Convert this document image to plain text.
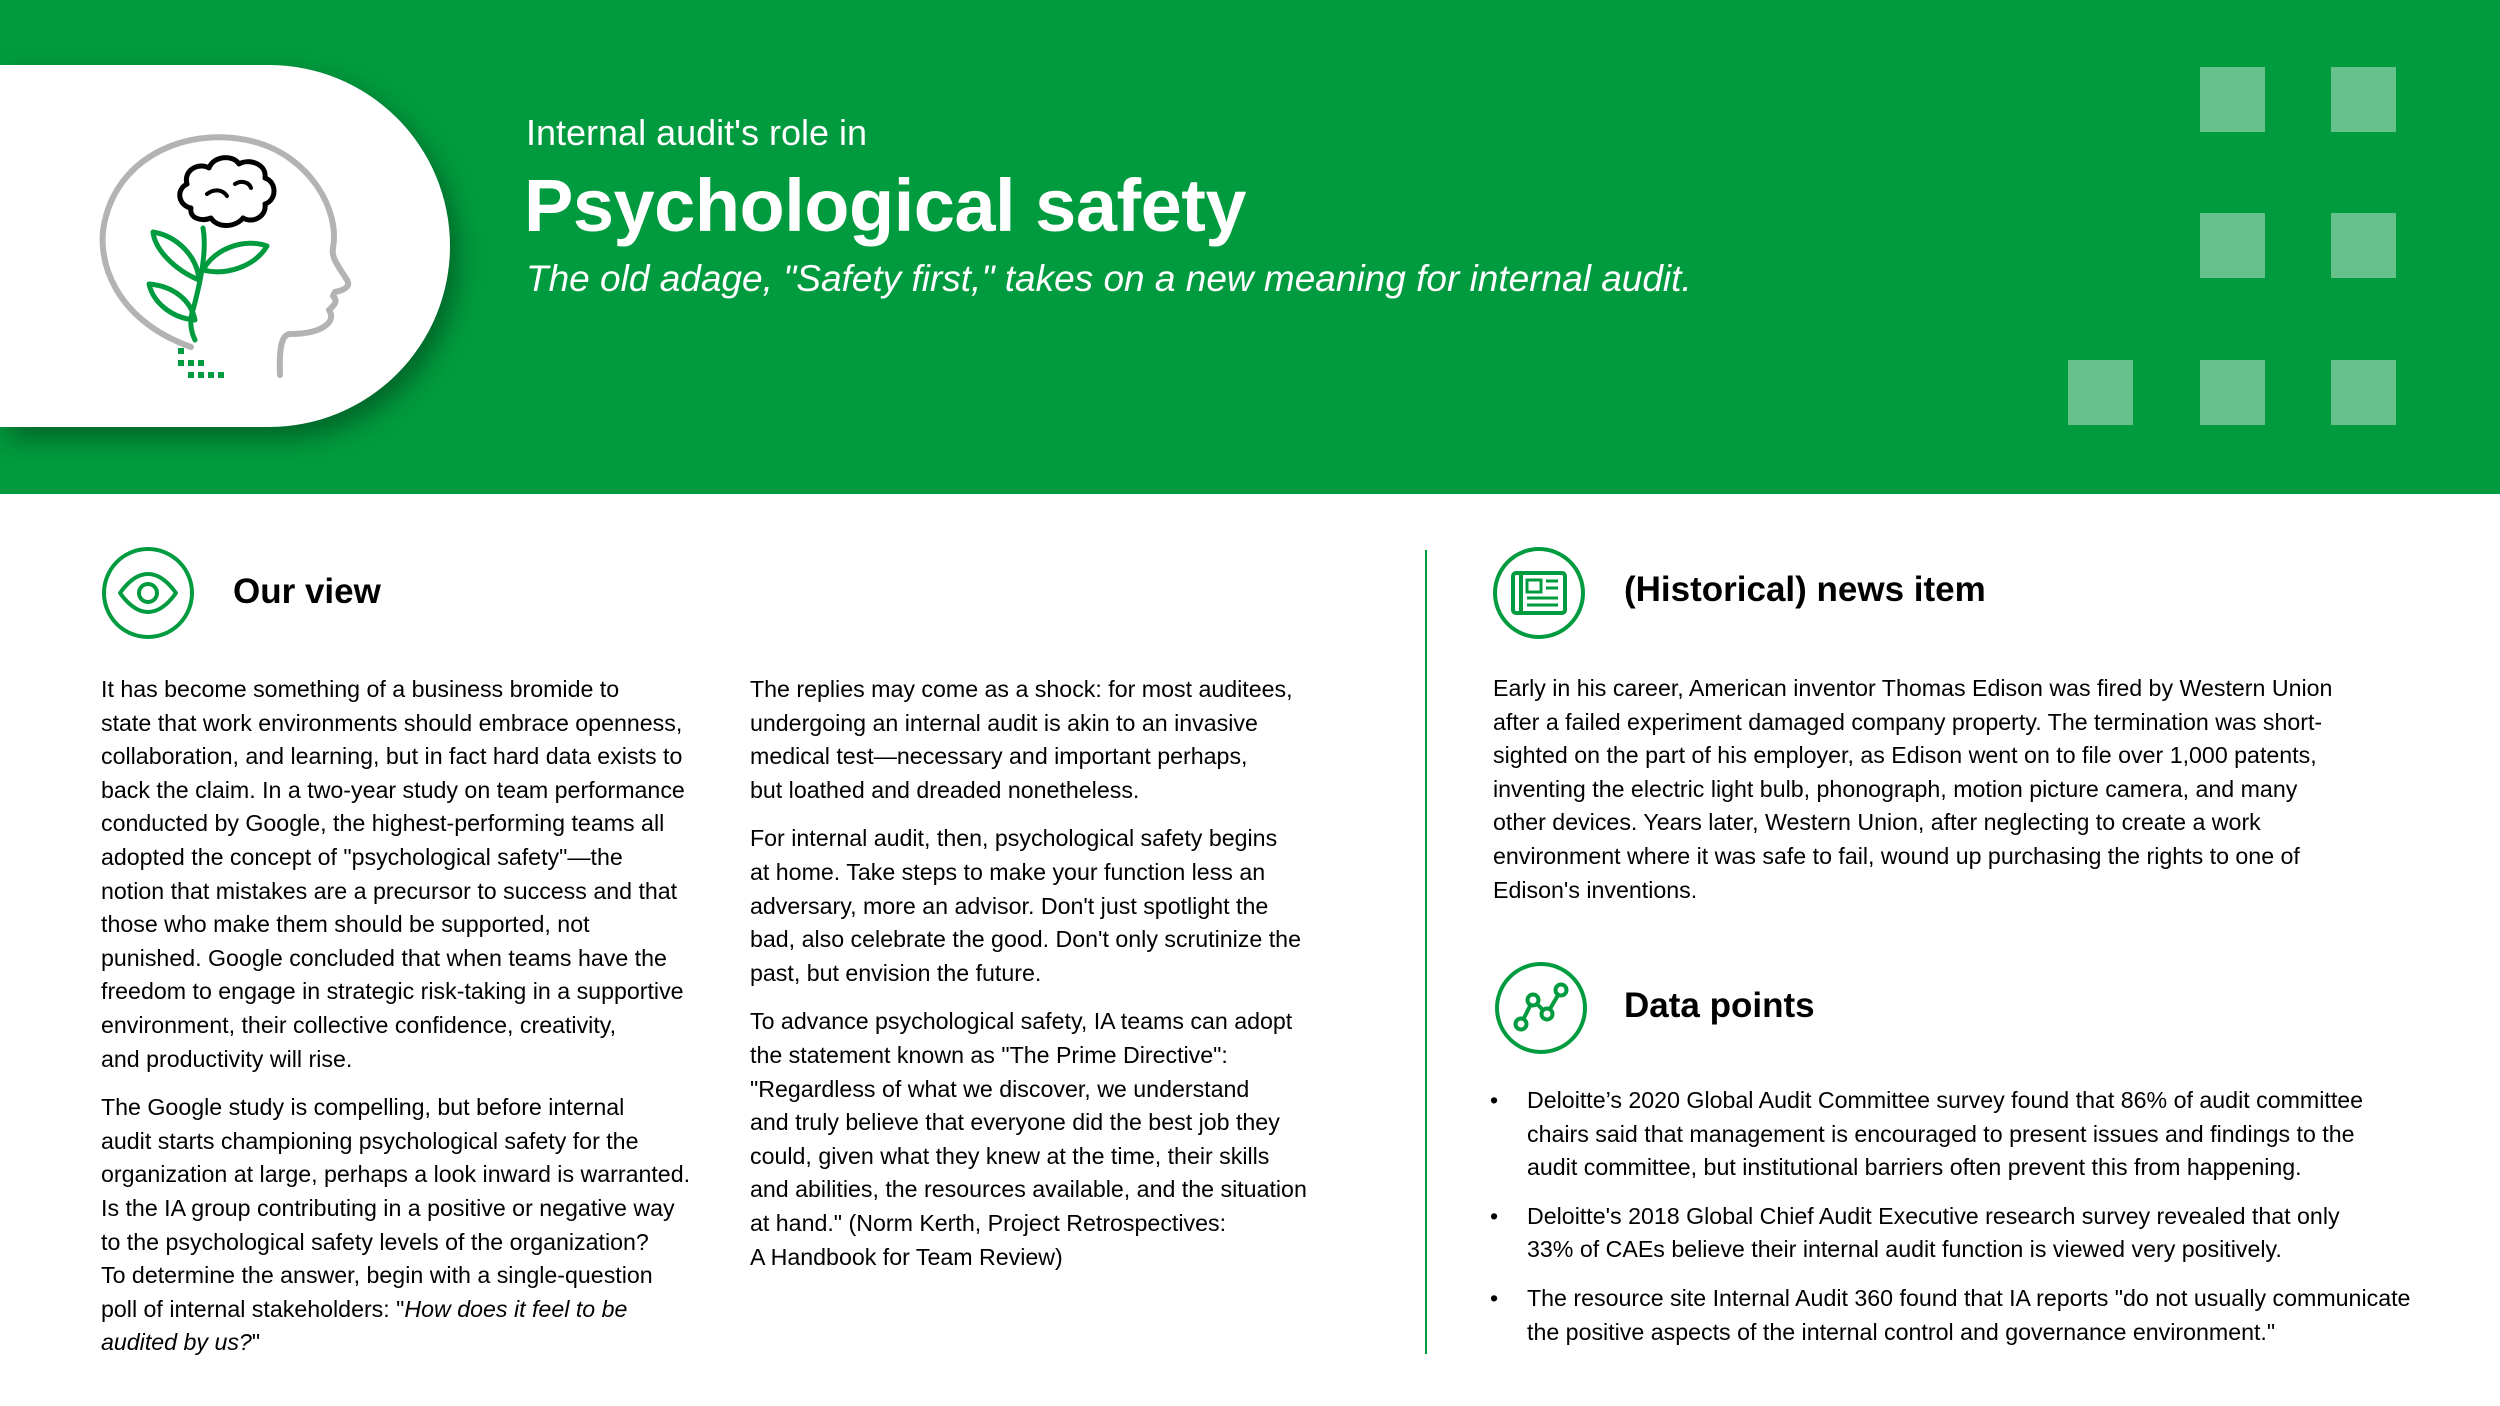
Internal audit's role in
Psychological safety
The old adage, "Safety first," takes on a new meaning for internal audit.
Our view

It has become something of a business bromide to
state that work environments should embrace openness,
collaboration, and learning, but in fact hard data exists to
back the claim. In a two-year study on team performance
conducted by Google, the highest-performing teams all
adopted the concept of "psychological safety"—the
notion that mistakes are a precursor to success and that
those who make them should be supported, not
punished. Google concluded that when teams have the
freedom to engage in strategic risk-taking in a supportive
environment, their collective confidence, creativity,
and productivity will rise.

The Google study is compelling, but before internal
audit starts championing psychological safety for the
organization at large, perhaps a look inward is warranted.
Is the IA group contributing in a positive or negative way
to the psychological safety levels of the organization?
To determine the answer, begin with a single-question
poll of internal stakeholders: "How does it feel to be
audited by us?"

The replies may come as a shock: for most auditees,
undergoing an internal audit is akin to an invasive
medical test—necessary and important perhaps,
but loathed and dreaded nonetheless.

For internal audit, then, psychological safety begins
at home. Take steps to make your function less an
adversary, more an advisor. Don't just spotlight the
bad, also celebrate the good. Don't only scrutinize the
past, but envision the future.

To advance psychological safety, IA teams can adopt
the statement known as "The Prime Directive":
"Regardless of what we discover, we understand
and truly believe that everyone did the best job they
could, given what they knew at the time, their skills
and abilities, the resources available, and the situation
at hand." (Norm Kerth, Project Retrospectives:
A Handbook for Team Review)

(Historical) news item

Early in his career, American inventor Thomas Edison was fired by Western Union
after a failed experiment damaged company property. The termination was short-
sighted on the part of his employer, as Edison went on to file over 1,000 patents,
inventing the electric light bulb, phonograph, motion picture camera, and many
other devices. Years later, Western Union, after neglecting to create a work
environment where it was safe to fail, wound up purchasing the rights to one of
Edison's inventions.

Data points
• Deloitte’s 2020 Global Audit Committee survey found that 86% of audit committee
chairs said that management is encouraged to present issues and findings to the
audit committee, but institutional barriers often prevent this from happening.
• Deloitte's 2018 Global Chief Audit Executive research survey revealed that only
33% of CAEs believe their internal audit function is viewed very positively.
• The resource site Internal Audit 360 found that IA reports "do not usually communicate
the positive aspects of the internal control and governance environment."
